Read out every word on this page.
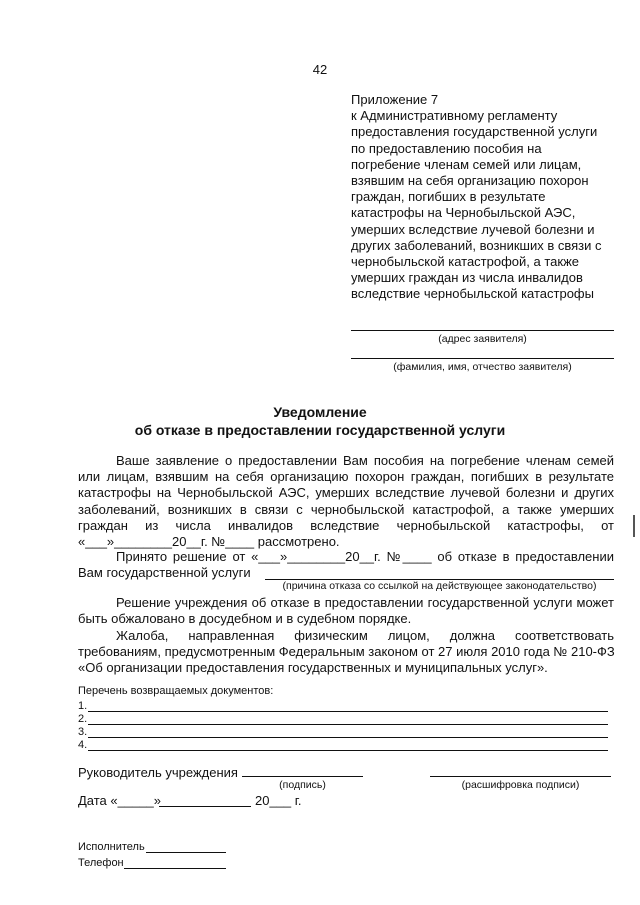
42
Приложение 7
к Административному регламенту
предоставления государственной услуги
по предоставлению пособия на
погребение членам семей или лицам,
взявшим на себя организацию похорон
граждан, погибших в результате
катастрофы на Чернобыльской АЭС,
умерших вследствие лучевой болезни и
других заболеваний, возникших в связи с
чернобыльской катастрофой, а также
умерших граждан из числа инвалидов
вследствие чернобыльской катастрофы
(адрес заявителя)
(фамилия, имя, отчество заявителя)
Уведомление
об отказе в предоставлении государственной услуги
Ваше заявление о предоставлении Вам пособия на погребение членам семей
или лицам, взявшим на себя организацию похорон граждан, погибших в результате
катастрофы на Чернобыльской АЭС, умерших вследствие лучевой болезни и других
заболеваний, возникших в связи с чернобыльской катастрофой, а также умерших
граждан из числа инвалидов вследствие чернобыльской катастрофы, от
«___»________20__г. №____ рассмотрено.
Принято решение от «___»________20__г. №____ об отказе в предоставлении
Вам государственной услуги
(причина отказа со ссылкой на действующее законодательство)
Решение учреждения об отказе в предоставлении государственной услуги может
быть обжаловано в досудебном и в судебном порядке.
Жалоба, направленная физическим лицом, должна соответствовать
требованиям, предусмотренным Федеральным законом от 27 июля 2010 года № 210-ФЗ
«Об организации предоставления государственных и муниципальных услуг».
Перечень возвращаемых документов:
1.
2.
3.
4.
Руководитель учреждения
(подпись)	(расшифровка подписи)
Дата «_____»	20___ г.
Исполнитель
Телефон
